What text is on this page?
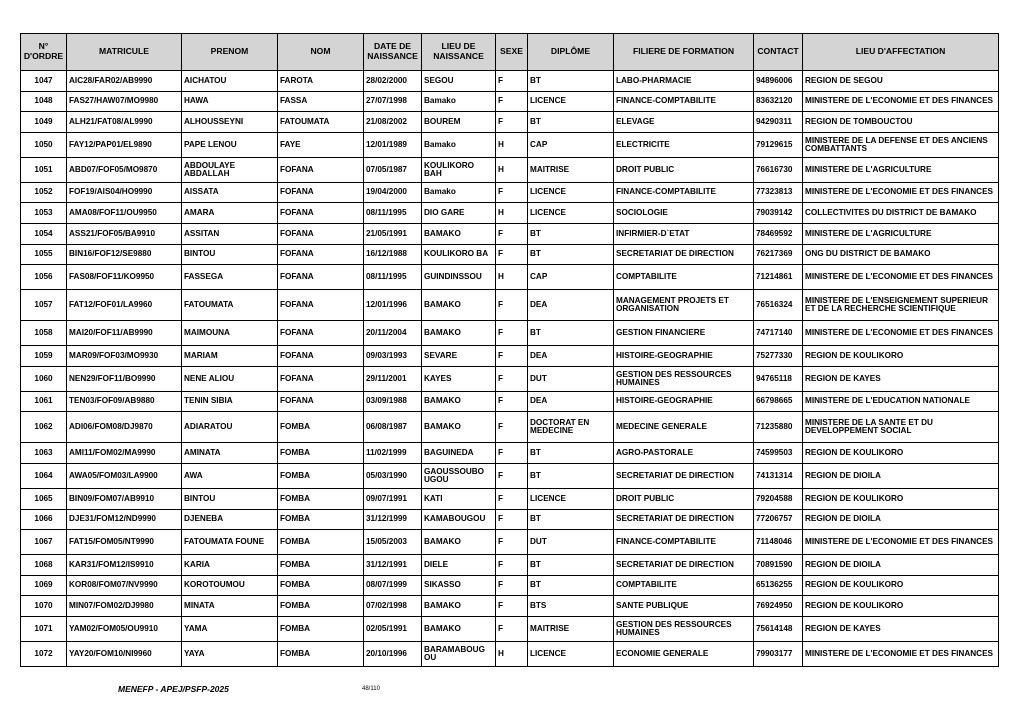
N° D'ORDRE	MATRICULE	PRENOM	NOM	DATE DE NAISSANCE	LIEU DE NAISSANCE	SEXE	DIPLÔME	FILIERE DE FORMATION	CONTACT	LIEU D'AFFECTATION
1047	AIC28/FAR02/AB9990	AICHATOU	FAROTA	28/02/2000	SEGOU	F	BT	LABO-PHARMACIE	94896006	REGION DE SEGOU
1048	FAS27/HAW07/MO9980	HAWA	FASSA	27/07/1998	Bamako	F	LICENCE	FINANCE-COMPTABILITE	83632120	MINISTERE DE L'ECONOMIE ET DES FINANCES
1049	ALH21/FAT08/AL9990	ALHOUSSEYNI	FATOUMATA	21/08/2002	BOUREM	F	BT	ELEVAGE	94290311	REGION DE TOMBOUCTOU
1050	FAY12/PAP01/EL9890	PAPE LENOU	FAYE	12/01/1989	Bamako	H	CAP	ELECTRICITE	79129615	MINISTERE DE LA DEFENSE ET DES ANCIENS COMBATTANTS
1051	ABD07/FOF05/MO9870	ABDOULAYE ABDALLAH	FOFANA	07/05/1987	KOULIKORO BAH	H	MAITRISE	DROIT PUBLIC	76616730	MINISTERE DE L'AGRICULTURE
1052	FOF19/AIS04/HO9990	AISSATA	FOFANA	19/04/2000	Bamako	F	LICENCE	FINANCE-COMPTABILITE	77323813	MINISTERE DE L'ECONOMIE ET DES FINANCES
1053	AMA08/FOF11/OU9950	AMARA	FOFANA	08/11/1995	DIO GARE	H	LICENCE	SOCIOLOGIE	79039142	COLLECTIVITES DU DISTRICT DE BAMAKO
1054	ASS21/FOF05/BA9910	ASSITAN	FOFANA	21/05/1991	BAMAKO	F	BT	INFIRMIER-D`ETAT	78469592	MINISTERE DE L'AGRICULTURE
1055	BIN16/FOF12/SE9880	BINTOU	FOFANA	16/12/1988	KOULIKORO BA	F	BT	SECRETARIAT DE DIRECTION	76217369	ONG DU DISTRICT DE BAMAKO
1056	FAS08/FOF11/KO9950	FASSEGA	FOFANA	08/11/1995	GUINDINSSOU	H	CAP	COMPTABILITE	71214861	MINISTERE DE L'ECONOMIE ET DES FINANCES
1057	FAT12/FOF01/LA9960	FATOUMATA	FOFANA	12/01/1996	BAMAKO	F	DEA	MANAGEMENT PROJETS ET ORGANISATION	76516324	MINISTERE DE L'ENSEIGNEMENT SUPERIEUR ET DE LA RECHERCHE SCIENTIFIQUE
1058	MAI20/FOF11/AB9990	MAIMOUNA	FOFANA	20/11/2004	BAMAKO	F	BT	GESTION FINANCIERE	74717140	MINISTERE DE L'ECONOMIE ET DES FINANCES
1059	MAR09/FOF03/MO9930	MARIAM	FOFANA	09/03/1993	SEVARE	F	DEA	HISTOIRE-GEOGRAPHIE	75277330	REGION DE KOULIKORO
1060	NEN29/FOF11/BO9990	NENE ALIOU	FOFANA	29/11/2001	KAYES	F	DUT	GESTION DES RESSOURCES HUMAINES	94765118	REGION DE KAYES
1061	TEN03/FOF09/AB9880	TENIN SIBIA	FOFANA	03/09/1988	BAMAKO	F	DEA	HISTOIRE-GEOGRAPHIE	66798665	MINISTERE DE L'EDUCATION NATIONALE
1062	ADI06/FOM08/DJ9870	ADIARATOU	FOMBA	06/08/1987	BAMAKO	F	DOCTORAT EN MEDECINE	MEDECINE GENERALE	71235880	MINISTERE DE LA SANTE ET DU DEVELOPPEMENT SOCIAL
1063	AMI11/FOM02/MA9990	AMINATA	FOMBA	11/02/1999	BAGUINEDA	F	BT	AGRO-PASTORALE	74599503	REGION DE KOULIKORO
1064	AWA05/FOM03/LA9900	AWA	FOMBA	05/03/1990	GAOUSSOUBO UGOU	F	BT	SECRETARIAT DE DIRECTION	74131314	REGION DE DIOILA
1065	BIN09/FOM07/AB9910	BINTOU	FOMBA	09/07/1991	KATI	F	LICENCE	DROIT PUBLIC	79204588	REGION DE KOULIKORO
1066	DJE31/FOM12/ND9990	DJENEBA	FOMBA	31/12/1999	KAMABOUGOU	F	BT	SECRETARIAT DE DIRECTION	77206757	REGION DE DIOILA
1067	FAT15/FOM05/NT9990	FATOUMATA FOUNE	FOMBA	15/05/2003	BAMAKO	F	DUT	FINANCE-COMPTABILITE	71148046	MINISTERE DE L'ECONOMIE ET DES FINANCES
1068	KAR31/FOM12/IS9910	KARIA	FOMBA	31/12/1991	DIELE	F	BT	SECRETARIAT DE DIRECTION	70891590	REGION DE DIOILA
1069	KOR08/FOM07/NV9990	KOROTOUMOU	FOMBA	08/07/1999	SIKASSO	F	BT	COMPTABILITE	65136255	REGION DE KOULIKORO
1070	MIN07/FOM02/DJ9980	MINATA	FOMBA	07/02/1998	BAMAKO	F	BTS	SANTE PUBLIQUE	76924950	REGION DE KOULIKORO
1071	YAM02/FOM05/OU9910	YAMA	FOMBA	02/05/1991	BAMAKO	F	MAITRISE	GESTION DES RESSOURCES HUMAINES	75614148	REGION DE KAYES
1072	YAY20/FOM10/NI9960	YAYA	FOMBA	20/10/1996	BARAMABOUG OU	H	LICENCE	ECONOMIE GENERALE	79903177	MINISTERE DE L'ECONOMIE ET DES FINANCES
MENEFP - APEJ/PSFP-2025	48/110
